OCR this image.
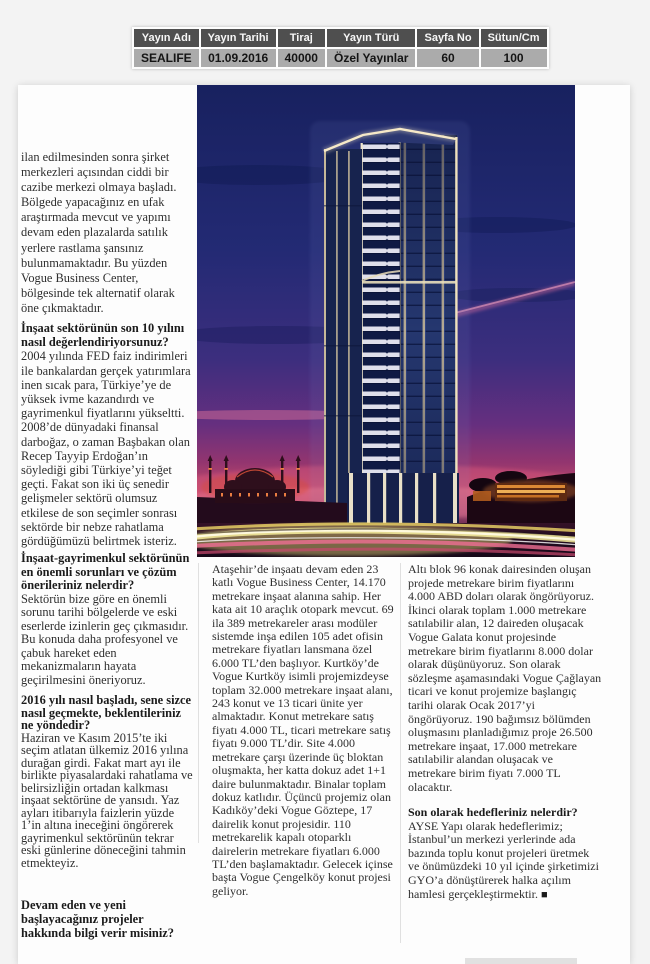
Yayın Adı	Yayın Tarihi	Tiraj	Yayın Türü	Sayfa No	Sütun/Cm
SEALIFE	01.09.2016	40000	Özel Yayınlar	60	100

ilan edilmesinden sonra şirket merkezleri açısından ciddi bir cazibe merkezi olmaya başladı. Bölgede yapacağınız en ufak araştırmada mevcut ve yapımı devam eden plazalarda satılık yerlere rastlama şansınız bulunmamaktadır. Bu yüzden Vogue Business Center, bölgesinde tek alternatif olarak öne çıkmaktadır.

İnşaat sektörünün son 10 yılını nasıl değerlendiriyorsunuz?

2004 yılında FED faiz indirimleri ile bankalardan gerçek yatırımlara inen sıcak para, Türkiye’ye de yüksek ivme kazandırdı ve gayrimenkul fiyatlarını yükseltti. 2008’de dünyadaki finansal darboğaz, o zaman Başbakan olan Recep Tayyip Erdoğan’ın söylediği gibi Türkiye’yi teğet geçti. Fakat son iki üç senedir gelişmeler sektörü olumsuz etkilese de son seçimler sonrası sektörde bir nebze rahatlama gördüğümüzü belirtmek isteriz.

İnşaat-gayrimenkul sektörünün en önemli sorunları ve çözüm önerileriniz nelerdir?

Sektörün bize göre en önemli sorunu tarihi bölgelerde ve eski eserlerde izinlerin geç çıkmasıdır. Bu konuda daha profesyonel ve çabuk hareket eden mekanizmaların hayata geçirilmesini öneriyoruz.

2016 yılı nasıl başladı, sene sizce nasıl geçmekte, beklentileriniz ne yöndedir?

Haziran ve Kasım 2015’te iki seçim atlatan ülkemiz 2016 yılına durağan girdi. Fakat mart ayı ile birlikte piyasalardaki rahatlama ve belirsizliğin ortadan kalkması inşaat sektörüne de yansıdı. Yaz ayları itibarıyla faizlerin yüzde 1’in altına ineceğini öngörerek gayrimenkul sektörünün tekrar eski günlerine döneceğini tahmin etmekteyiz.

Devam eden ve yeni başlayacağınız projeler hakkında bilgi verir misiniz?

Ataşehir’de inşaatı devam eden 23 katlı Vogue Business Center, 14.170 metrekare inşaat alanına sahip. Her kata ait 10 araçlık otopark mevcut. 69 ila 389 metrekareler arası modüler sistemde inşa edilen 105 adet ofisin metrekare fiyatları lansmana özel 6.000 TL’den başlıyor. Kurtköy’de Vogue Kurtköy isimli projemizdeyse toplam 32.000 metrekare inşaat alanı, 243 konut ve 13 ticari ünite yer almaktadır. Konut metrekare satış fiyatı 4.000 TL, ticari metrekare satış fiyatı 9.000 TL’dir. Site 4.000 metrekare çarşı üzerinde üç bloktan oluşmakta, her katta dokuz adet 1+1 daire bulunmaktadır. Binalar toplam dokuz katlıdır. Üçüncü projemiz olan Kadıköy’deki Vogue Göztepe, 17 dairelik konut projesidir. 110 metrekarelik kapalı otoparklı dairelerin metrekare fiyatları 6.000 TL’den başlamaktadır. Gelecek içinse başta Vogue Çengelköy konut projesi geliyor.

Altı blok 96 konak dairesinden oluşan projede metrekare birim fiyatlarını 4.000 ABD doları olarak öngörüyoruz. İkinci olarak toplam 1.000 metrekare satılabilir alan, 12 daireden oluşacak Vogue Galata konut projesinde metrekare birim fiyatlarını 8.000 dolar olarak düşünüyoruz. Son olarak sözleşme aşamasındaki Vogue Çağlayan ticari ve konut projemize başlangıç tarihi olarak Ocak 2017’yi öngörüyoruz. 190 bağımsız bölümden oluşmasını planladığımız proje 26.500 metrekare inşaat, 17.000 metrekare satılabilir alandan oluşacak ve metrekare birim fiyatı 7.000 TL olacaktır.

Son olarak hedefleriniz nelerdir?

AYSE Yapı olarak hedeflerimiz; İstanbul’un merkezi yerlerinde ada bazında toplu konut projeleri üretmek ve önümüzdeki 10 yıl içinde şirketimizi GYO’a dönüştürerek halka açılım hamlesi gerçekleştirmektir. ■
